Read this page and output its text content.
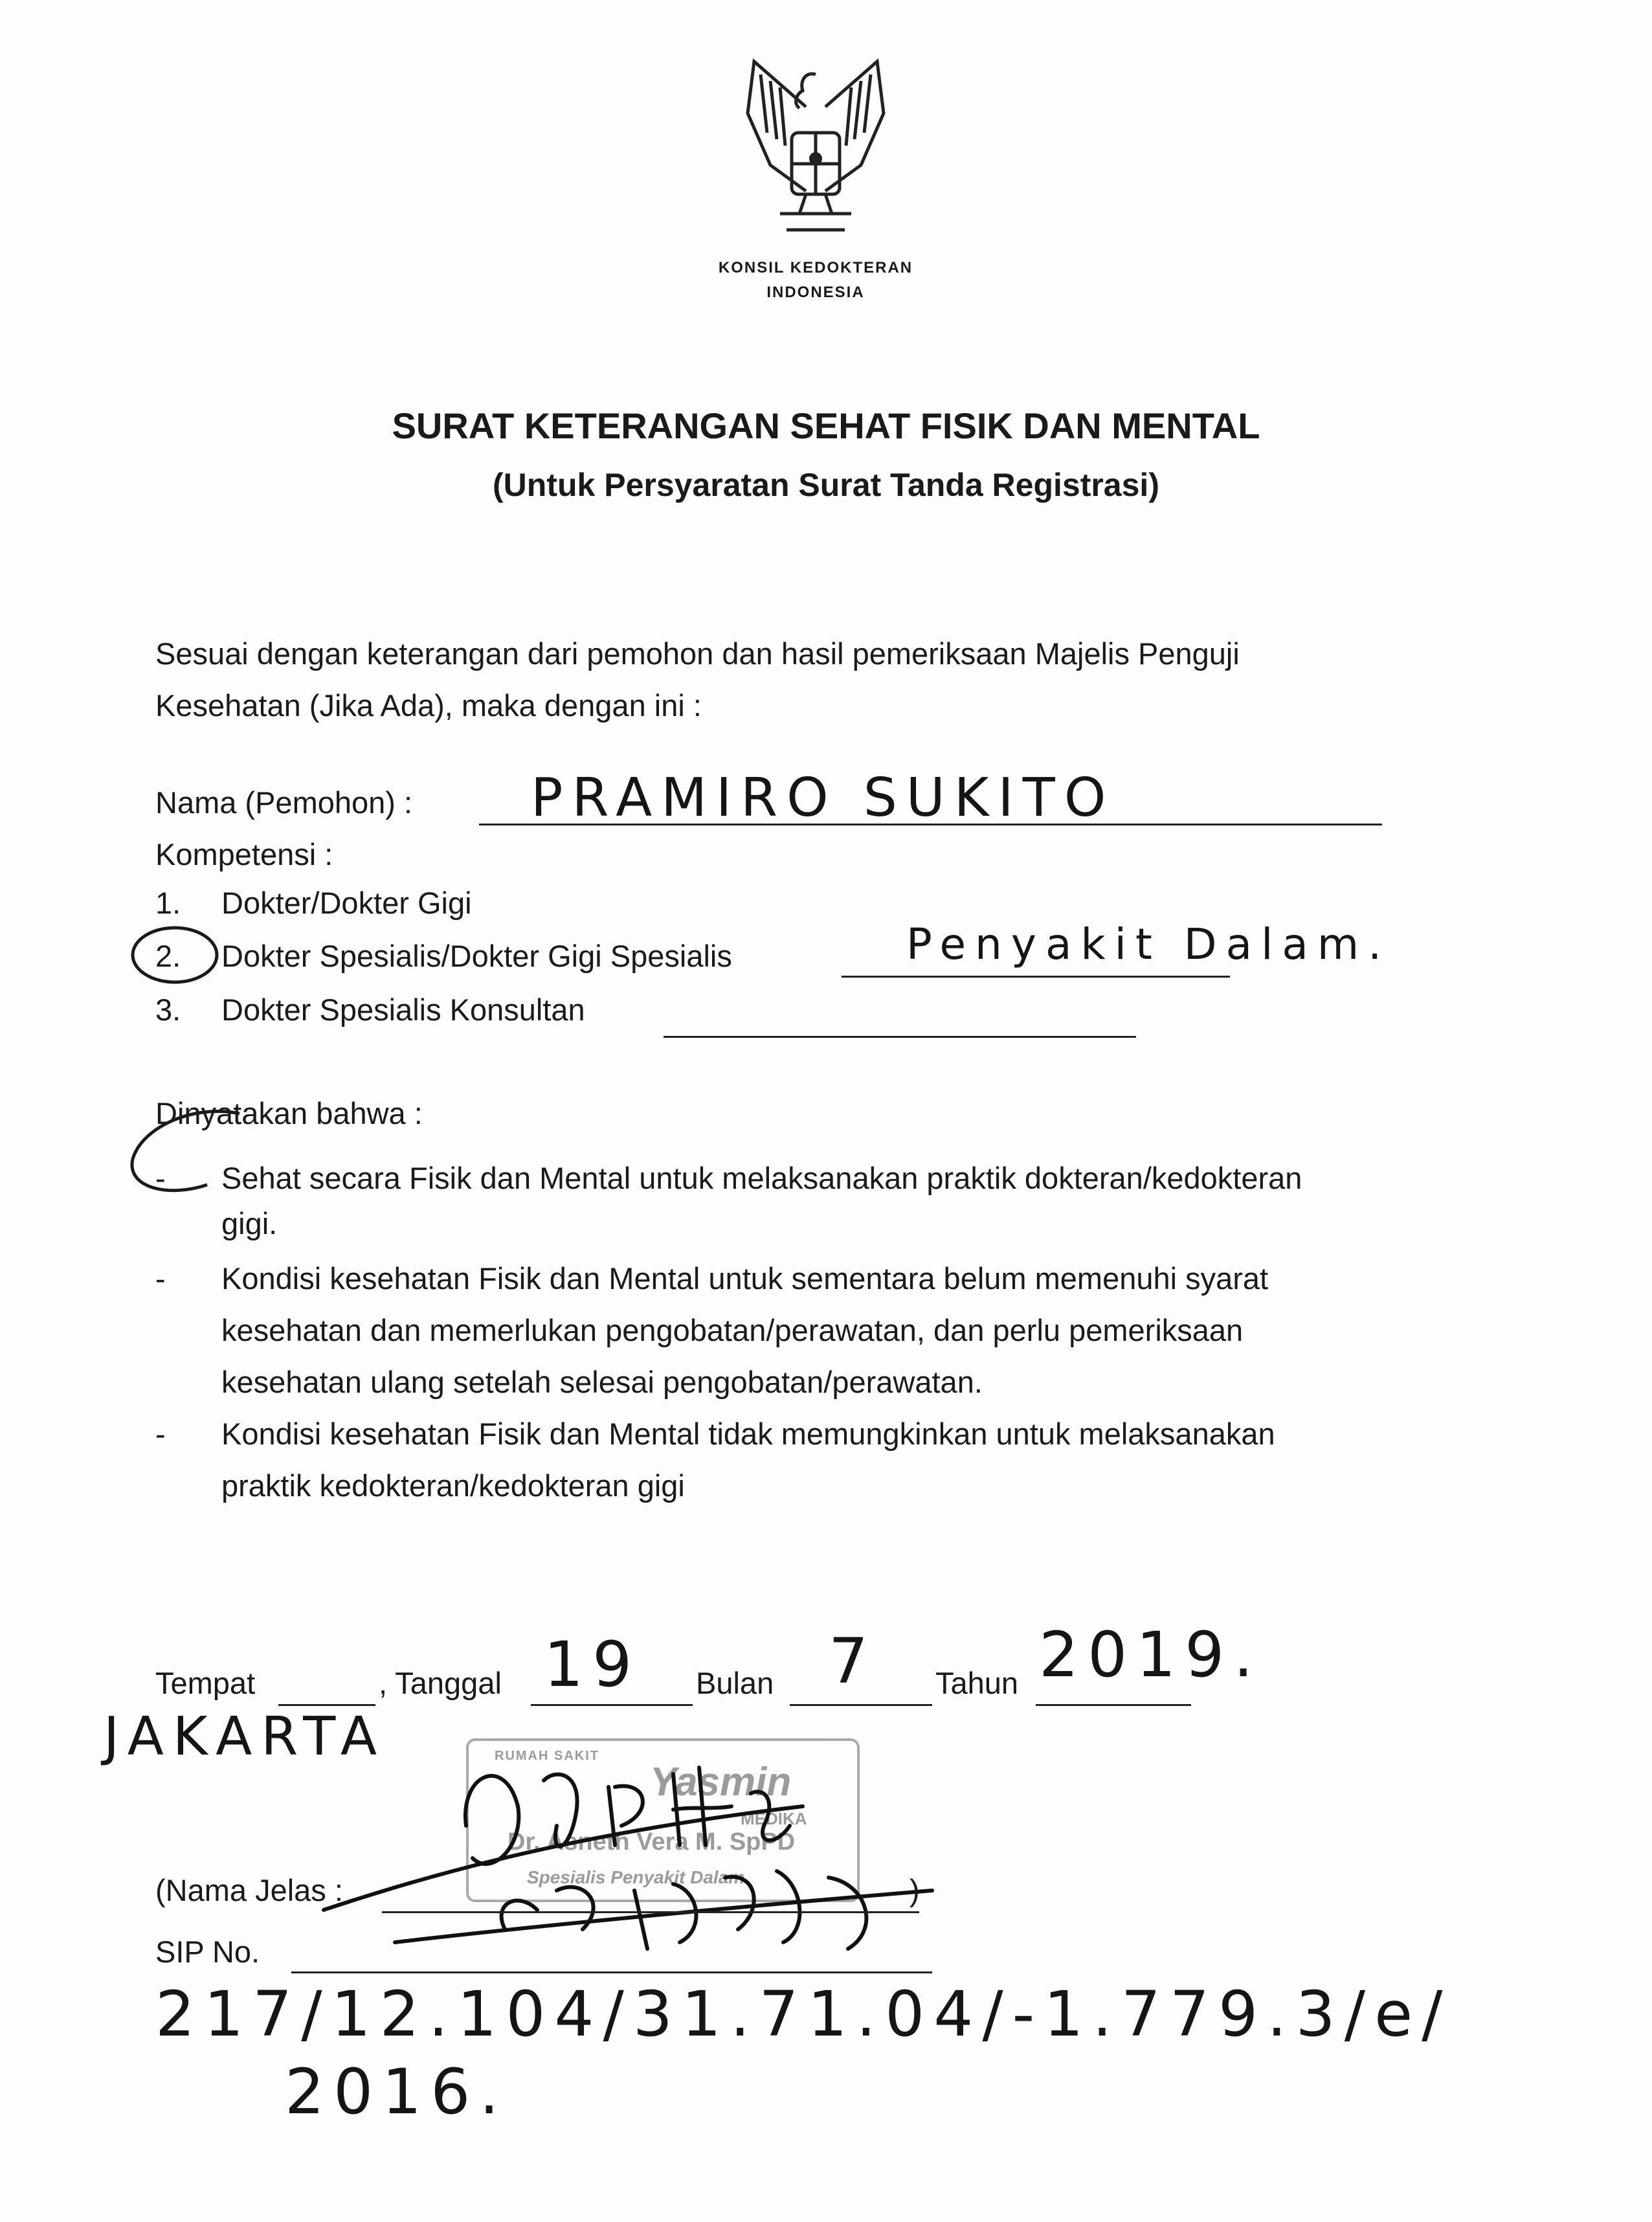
KONSIL KEDOKTERAN
INDONESIA
SURAT KETERANGAN SEHAT FISIK DAN MENTAL
(Untuk Persyaratan Surat Tanda Registrasi)
Sesuai dengan keterangan dari pemohon dan hasil pemeriksaan Majelis Penguji
Kesehatan (Jika Ada), maka dengan ini :
Nama (Pemohon) : PRAMIRO SUKITO
Kompetensi :
1. Dokter/Dokter Gigi
2. Dokter Spesialis/Dokter Gigi Spesialis	Penyakit Dalam.
3. Dokter Spesialis Konsultan
Dinyatakan bahwa :
- Sehat secara Fisik dan Mental untuk melaksanakan praktik dokteran/kedokteran
gigi.
- Kondisi kesehatan Fisik dan Mental untuk sementara belum memenuhi syarat
kesehatan dan memerlukan pengobatan/perawatan, dan perlu pemeriksaan
kesehatan ulang setelah selesai pengobatan/perawatan.
- Kondisi kesehatan Fisik dan Mental tidak memungkinkan untuk melaksanakan
praktik kedokteran/kedokteran gigi
Tempat	, Tanggal 19 Bulan 7 Tahun 2019.
JAKARTA	RUMAH SAKIT
Yasmin
MEDIKA
Dr. Asneth Vera M. SpPD
Spesialis Penyakit Dalam
(Nama Jelas :	)
SIP No.
217/12.104/31.71.04/-1.779.3/e/
2016.
